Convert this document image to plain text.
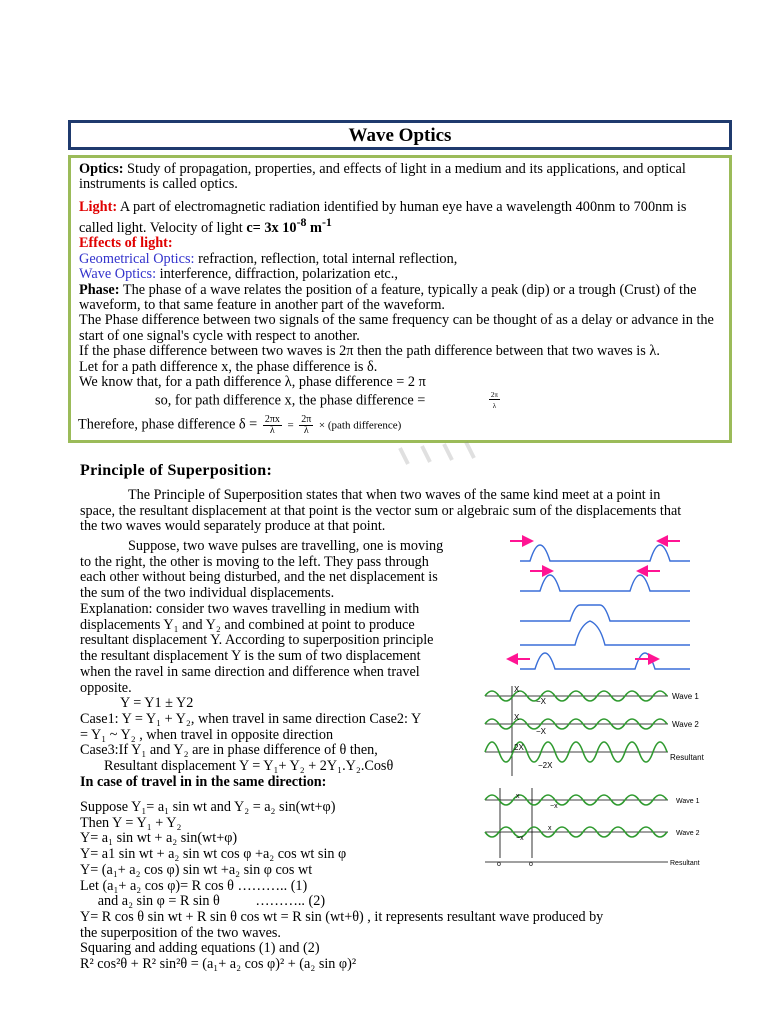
Wave Optics

Optics: Study of propagation, properties, and effects of light in a medium and its applications, and optical instruments is called optics.

Light: A part of electromagnetic radiation identified by human eye have a wavelength 400nm to 700nm is called light. Velocity of light c= 3x $10^{-8}$ $m^{-1}$

Effects of light:

Geometrical Optics: refraction, reflection, total internal reflection,

Wave Optics: interference, diffraction, polarization etc.,

Phase: The phase of a wave relates the position of a feature, typically a peak (dip) or a trough (Crust) of the waveform, to that same feature in another part of the waveform.

The Phase difference between two signals of the same frequency can be thought of as a delay or advance in the start of one signal's cycle with respect to another.

If the phase difference between two waves is 2π then the path difference between that two waves is λ.

Let for a path difference x, the phase difference is δ.

We know that, for a path difference λ, phase difference = 2 π

so, for path difference x, the phase difference =	$\frac{2\pi}{\lambda}$

Therefore, phase difference $\delta = \frac{2\pi x}{\lambda} = \frac{2\pi}{\lambda}$ × (path difference)
Principle of Superposition:
The Principle of Superposition states that when two waves of the same kind meet at a point in space, the resultant displacement at that point is the vector sum or algebraic sum of the displacements that the two waves would separately produce at that point.

Suppose, two wave pulses are travelling, one is moving

to the right, the other is moving to the left. They pass through

each other without being disturbed, and the net displacement is

the sum of the two individual displacements.

Explanation: consider two waves travelling in medium with

displacements Y₁ and Y₂ and combined at point to produce

resultant displacement Y. According to superposition principle

the resultant displacement Y is the sum of two displacement

when the ravel in same direction and difference when travel

opposite.

Y = Y1 ± Y2

Case1: Y = Y₁ + Y₂, when travel in same direction Case2: Y

= Y₁ ~ Y₂ , when travel in opposite direction

Case3:If Y₁ and Y₂ are in phase difference of θ then,

Resultant displacement Y = Y₁+ Y₂ + 2Y₁.Y₂.Cosθ

In case of travel in in the same direction:

Suppose Y₁= a₁ sin wt and Y₂ = a₂ sin(wt+φ)

Then Y = Y₁ + Y₂

Y= a₁ sin wt + a₂ sin(wt+φ)

Y= a1 sin wt + a₂ sin wt cos φ +a₂ cos wt sin φ

Y= (a₁+ a₂ cos φ) sin wt +a₂ sin φ cos wt

Let (a₁+ a₂ cos φ)= R cos θ ……….. (1)

and a₂ sin φ = R sin θ          ……….. (2)

Y= R cos θ sin wt + R sin θ cos wt = R sin (wt+θ) , it represents resultant wave produced by

the superposition of the two waves.

Squaring and adding equations (1) and (2)

R² cos²θ + R² sin²θ = (a₁+ a₂ cos φ)² + (a₂ sin φ)²

X
−X
X
−X
2X
−2X
Wave 1
Wave 2
Resultant
x
−x
x
−x
o	o
Wave 1
Wave 2
Resultant
